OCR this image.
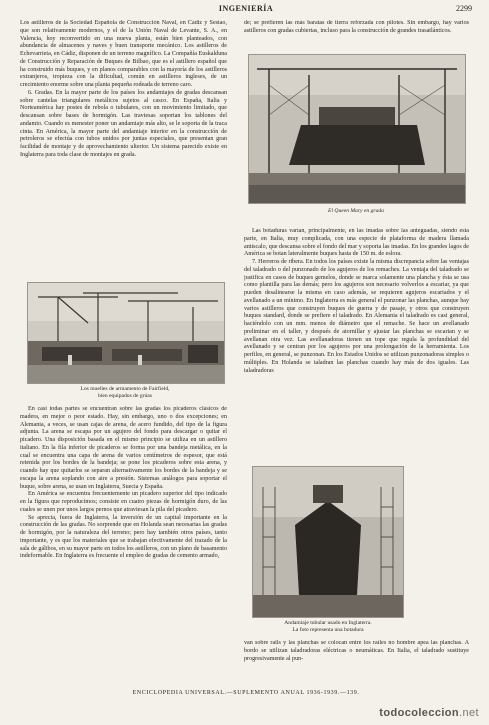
INGENIERÍA	2299

Los astilleros de la Sociedad Española de Construcción Naval, en Cádiz y Sestao, que son relativamente modernos, y el de la Unión Naval de Levante, S. A., en Valencia, hoy reconvertido en una nueva planta, están bien planteados, con abundancia de almacenes y naves y buen transporte mecánico. Los astilleros de Echevarrieta, en Cádiz, disponen de un terreno magnífico. La Compañía Euskalduna de Construcción y Reparación de Buques de Bilbao, que es el astillero español que ha construido más buques, y en planos comparables con la mayoría de los astilleros extranjeros, tropieza con la dificultad, común en astilleros ingleses, de un crecimiento enorme sobre una planta pequeña rodeada de terreno caro.

6. Gradas. En la mayor parte de los países los andamiajes de gradas descansan sobre cantelas triangulares metálicos sujetos al casco. En España, Italia y Norteamérica hay postes de rebola o tubulares, con un movimiento limitado, que descansan sobre bases de hormigón. Las traviesas soportan los tablones del andamio. Cuando es menester poner un andamiaje más alto, se le soporta de la traca cinta. En América, la mayor parte del andamiaje interior en la construcción de petroleros se efectúa con tubos unidos por juntas especiales, que presentan gran facilidad de montaje y de aprovechamiento ulterior. Un sistema parecido existe en Inglaterra para toda clase de montajes en grada.

Los muelles de armamento de Fairfield,
bien equipados de grúas

En casi todas partes se encuentran sobre las gradas los picaderos clásicos de madera, en mejor o peor estado. Hay, sin embargo, uno o dos excepciones; en Alemania, a veces, se usan cajas de arena, de acero fundido, del tipo de la figura adjunta. La arena se escapa por un agujero del fondo para descargar o quitar el picadero. Una disposición basada en el mismo principio se utiliza en un astillero italiano. En la fila inferior de picaderos se forma por una bandeja metálica, en la cual se encuentra una capa de arena de varios centímetros de espesor, que está retenida por los bordes de la bandeja; se pone los picaderos sobre esta arena, y cuando hay que quitarlos se separan alternativamente los bordes de la bandeja y se escapa la arena soplando con aire a presión. Sistemas análogos para soportar el buque, sobre arena, se usan en Inglaterra, Suecia y España.

En América se encuentra frecuentemente un picadero superior del tipo indicado en la figura que reproducimos; consiste en cuatro piezas de hormigón duro, de las cuales se unen por unos largos pernos que atraviesan la pila del picadero.

Se aprecia, fuera de Inglaterra, la inversión de un capital importante en la construcción de las gradas. No sorprende que en Holanda sean necesarias las gradas de hormigón, por la naturaleza del terreno; pero hay también otros países, tanto importante, y es que los materiales que se trabajan efectivamente del trazado de la sala de gálibos, en su mayor parte en todos los astilleros, con un plano de basamento indeformable. En Inglaterra es frecuente el empleo de gradas de cemento armado,

de; se prefieren las más baratas de tierra reforzada con pilotes. Sin embargo, hay varios astilleros con gradas cubiertas, incluso para la construcción de grandes trasatlánticos.

El Queen Mary en grada

Las botaduras varían, principalmente, en las imadas sobre las anteguadas, siendo esta parte, en Italia, muy complicada, con una especie de plataforma de madera llamada antiscalo, que descansa sobre el fondo del mar y soporta las imadas. En los grandes lagos de América se botan lateralmente buques hasta de 150 m. de eslora.

7. Herreros de ribera. En todos los países existe la misma discrepancia sobre las ventajas del taladrado o del punzonado de los agujeros de los remaches. La ventaja del taladrado se justifica en casos de buques gemelos, donde se marca solamente una plancha y ésta se usa como plantilla para las demás; pero los agujeros son necesario volverlos a escariar, ya que pueden desalinearse la misma en caso además, se requieren agujeros escariados y el avellanado a un mínimo. En Inglaterra es más general el punzonar las planchas, aunque hay varios astilleros que construyen buques de guerra y de pasaje, y otros que construyen buques standard, donde se prefiere el taladrado. En Alemania el taladrado es casi general, haciéndolo con un mm. menos de diámetro que el remache. Se hace un avellanado preliminar en el taller, y después de atornillar y ajustar las planchas se escarian y se avellanan otra vez. Las avellanadoras tienen un tope que regula la profundidad del avellanado y se centran por los agujeros por una prolongación de la herramienta. Los perfiles, en general, se punzonan. En los Estados Unidos se utilizan punzonadoras simples o múltiples. En Holanda se taladran las planchas cuando hay más de dos iguales. Las taladradoras

Andamiaje tubular usado en Inglaterra.
La foto representa una botadura

van sobre rails y las planchas se colocan entre los raíles no hombre apea las planchas. A bordo se utilizan taladradoras eléctricas o neumáticas. En Italia, el taladrado sustituye progresivamente al pun-

ENCICLOPEDIA UNIVERSAL.—SUPLEMENTO ANUAL 1936-1939.—139.
todocoleccion.net
